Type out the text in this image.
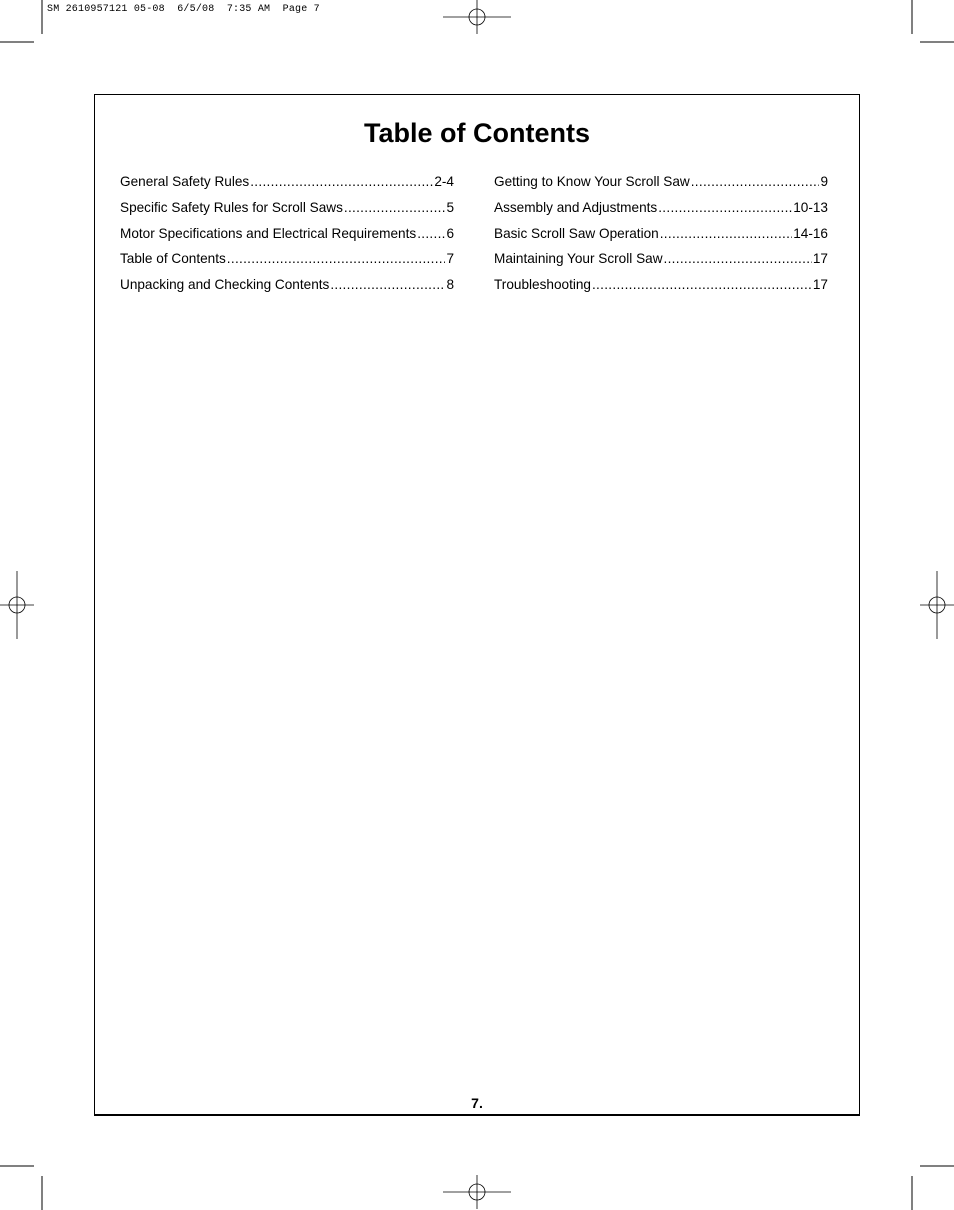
SM 2610957121 05-08  6/5/08  7:35 AM  Page 7
Table of Contents
General Safety Rules .....	2-4
Specific Safety Rules for Scroll Saws .....	5
Motor Specifications and Electrical Requirements ..... 6
Table of Contents .....	7
Unpacking and Checking Contents .....	8
Getting to Know Your Scroll Saw .....	9
Assembly and Adjustments .....	10-13
Basic Scroll Saw Operation .....	14-16
Maintaining Your Scroll Saw .....	17
Troubleshooting .....	17
7.
